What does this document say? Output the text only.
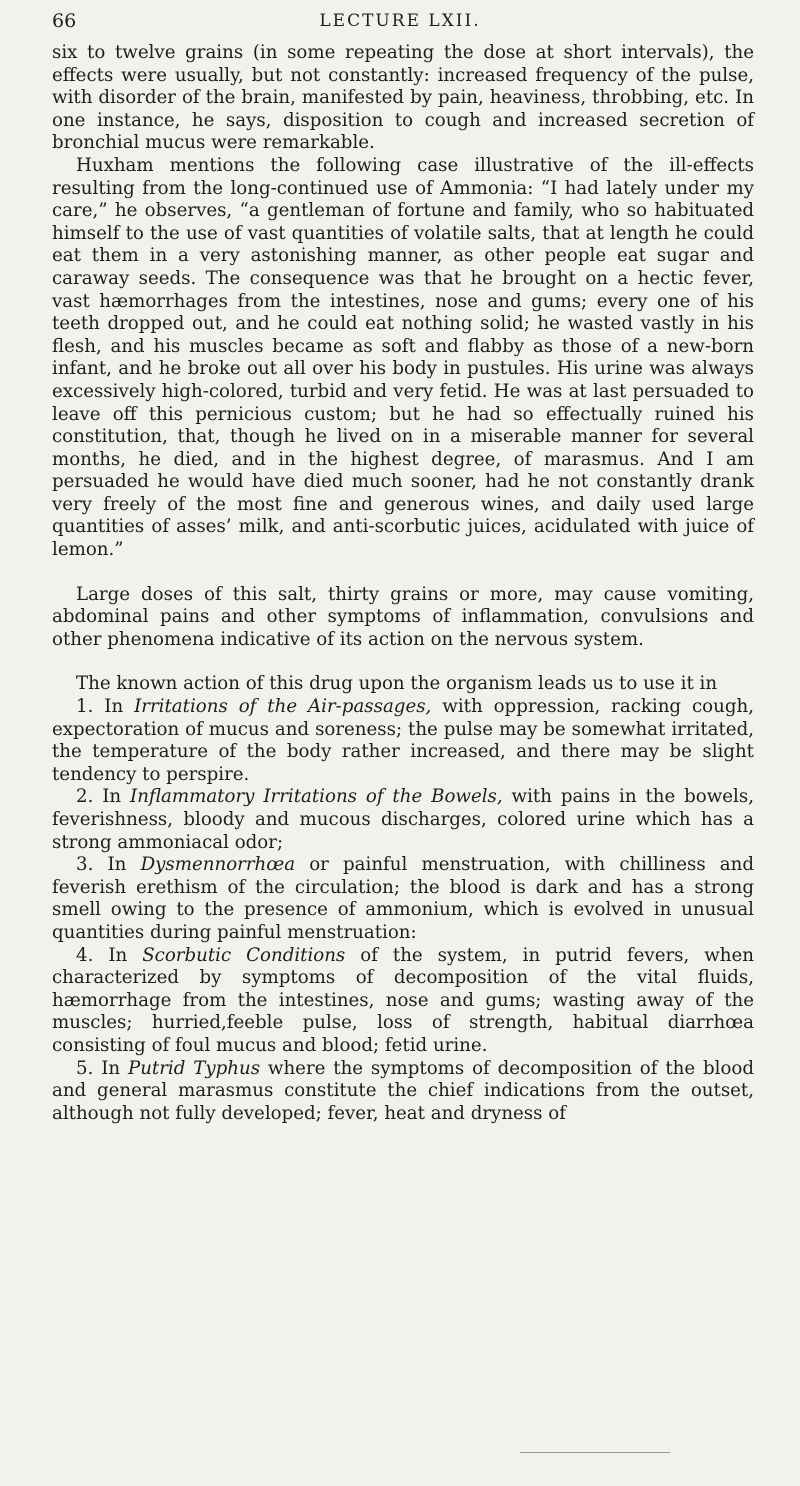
66	LECTURE LXII.

six to twelve grains (in some repeating the dose at short intervals), the effects were usually, but not constantly: increased frequency of the pulse, with disorder of the brain, manifested by pain, heaviness, throbbing, etc. In one instance, he says, disposition to cough and increased secretion of bronchial mucus were remarkable.

Huxham mentions the following case illustrative of the ill-effects resulting from the long-continued use of Ammonia: “I had lately under my care,” he observes, “a gentleman of fortune and family, who so habituated himself to the use of vast quantities of volatile salts, that at length he could eat them in a very astonishing manner, as other people eat sugar and caraway seeds. The consequence was that he brought on a hectic fever, vast hæmorrhages from the intestines, nose and gums; every one of his teeth dropped out, and he could eat nothing solid; he wasted vastly in his flesh, and his muscles became as soft and flabby as those of a new-born infant, and he broke out all over his body in pustules. His urine was always excessively high-colored, turbid and very fetid. He was at last persuaded to leave off this pernicious custom; but he had so effectually ruined his constitution, that, though he lived on in a miserable manner for several months, he died, and in the highest degree, of marasmus. And I am persuaded he would have died much sooner, had he not constantly drank very freely of the most fine and generous wines, and daily used large quantities of asses’ milk, and anti-scorbutic juices, acidulated with juice of lemon.”

Large doses of this salt, thirty grains or more, may cause vomiting, abdominal pains and other symptoms of inflammation, convulsions and other phenomena indicative of its action on the nervous system.

The known action of this drug upon the organism leads us to use it in

1. In Irritations of the Air-passages, with oppression, racking cough, expectoration of mucus and soreness; the pulse may be somewhat irritated, the temperature of the body rather increased, and there may be slight tendency to perspire.

2. In Inflammatory Irritations of the Bowels, with pains in the bowels, feverishness, bloody and mucous discharges, colored urine which has a strong ammoniacal odor;

3. In Dysmennorrhœa or painful menstruation, with chilliness and feverish erethism of the circulation; the blood is dark and has a strong smell owing to the presence of ammonium, which is evolved in unusual quantities during painful menstruation:

4. In Scorbutic Conditions of the system, in putrid fevers, when characterized by symptoms of decomposition of the vital fluids, hæmorrhage from the intestines, nose and gums; wasting away of the muscles; hurried,feeble pulse, loss of strength, habitual diarrhœa consisting of foul mucus and blood; fetid urine.

5. In Putrid Typhus where the symptoms of decomposition of the blood and general marasmus constitute the chief indications from the outset, although not fully developed; fever, heat and dryness of
